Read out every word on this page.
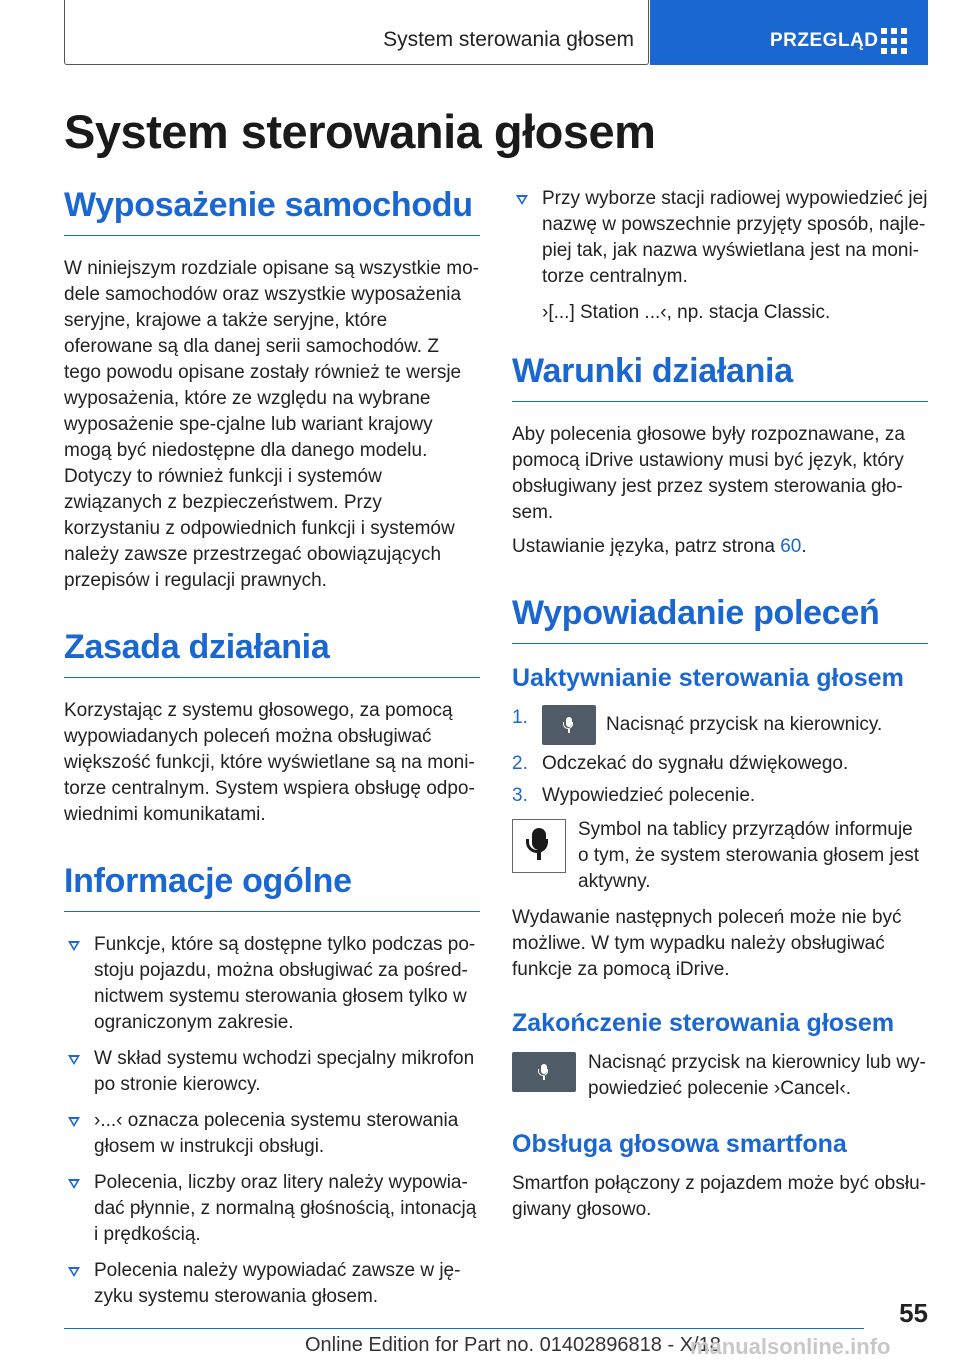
System sterowania głosem	PRZEGLĄD
System sterowania głosem
Wyposażenie samochodu

W niniejszym rozdziale opisane są wszystkie mo-dele samochodów oraz wszystkie wyposażenia seryjne, krajowe a także seryjne, które oferowane są dla danej serii samochodów. Z tego powodu opisane zostały również te wersje wyposażenia, które ze względu na wybrane wyposażenie spe-cjalne lub wariant krajowy mogą być niedostępne dla danego modelu. Dotyczy to również funkcji i systemów związanych z bezpieczeństwem. Przy korzystaniu z odpowiednich funkcji i systemów należy zawsze przestrzegać obowiązujących przepisów i regulacji prawnych.

Zasada działania

Korzystając z systemu głosowego, za pomocą wypowiadanych poleceń można obsługiwać większość funkcji, które wyświetlane są na moni-torze centralnym. System wspiera obsługę odpo-wiednimi komunikatami.

Informacje ogólne
Funkcje, które są dostępne tylko podczas po-stoju pojazdu, można obsługiwać za pośred-nictwem systemu sterowania głosem tylko w ograniczonym zakresie.
W skład systemu wchodzi specjalny mikrofon po stronie kierowcy.
›...‹ oznacza polecenia systemu sterowania głosem w instrukcji obsługi.
Polecenia, liczby oraz litery należy wypowia-dać płynnie, z normalną głośnością, intonacją i prędkością.
Polecenia należy wypowiadać zawsze w ję-zyku systemu sterowania głosem.
Przy wyborze stacji radiowej wypowiedzieć jej nazwę w powszechnie przyjęty sposób, najle-piej tak, jak nazwa wyświetlana jest na moni-torze centralnym.

›[...] Station ...‹, np. stacja Classic.

Warunki działania

Aby polecenia głosowe były rozpoznawane, za pomocą iDrive ustawiony musi być język, który obsługiwany jest przez system sterowania gło-sem.

Ustawianie języka, patrz strona 60.

Wypowiadanie poleceń
Uaktywnianie sterowania głosem
1.	Nacisnąć przycisk na kierownicy.
2. Odczekać do sygnału dźwiękowego.
3. Wypowiedzieć polecenie.
Symbol na tablicy przyrządów informuje o tym, że system sterowania głosem jest aktywny.

Wydawanie następnych poleceń może nie być możliwe. W tym wypadku należy obsługiwać funkcje za pomocą iDrive.

Zakończenie sterowania głosem
Nacisnąć przycisk na kierownicy lub wy-powiedzieć polecenie ›Cancel‹.
Obsługa głosowa smartfona

Smartfon połączony z pojazdem może być obsłu-giwany głosowo.

55
Online Edition for Part no. 01402896818 - X/18
manualsonline.info
